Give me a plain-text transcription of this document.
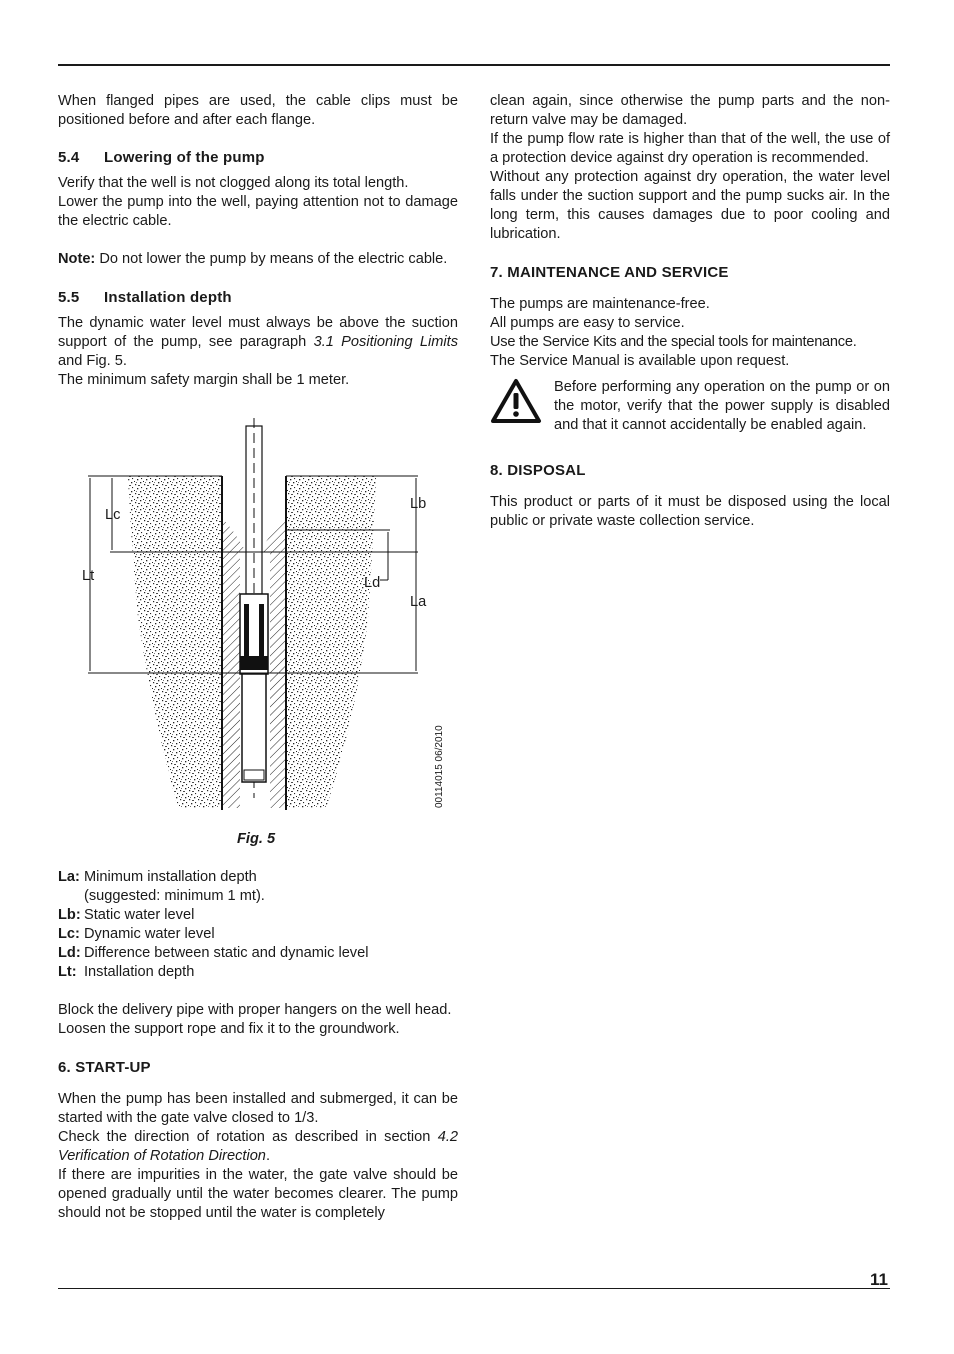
When flanged pipes are used, the cable clips must be positioned before and after each flange.

5.4 Lowering of the pump

Verify that the well is not clogged along its total length.

Lower the pump into the well, paying attention not to damage the electric cable.

Note: Do not lower the pump by means of the electric cable.

5.5 Installation depth

The dynamic water level must always be above the suction support of the pump, see paragraph 3.1 Positioning Limits and Fig. 5.

The minimum safety margin shall be 1 meter.

Lc
Lt
Lb
Ld
La
00114015 06/2010
Fig. 5
La: Minimum installation depth
(suggested: minimum 1 mt).
Lb: Static water level
Lc: Dynamic water level
Ld: Difference between static and dynamic level
Lt: Installation depth

Block the delivery pipe with proper hangers on the well head.

Loosen the support rope and fix it to the groundwork.

6. START-UP

When the pump has been installed and submerged, it can be started with the gate valve closed to 1/3.

Check the direction of rotation as described in section 4.2 Verification of Rotation Direction.

If there are impurities in the water, the gate valve should be opened gradually until the water becomes clearer. The pump should not be stopped until the water is completely

clean again, since otherwise the pump parts and the non-return valve may be damaged.

If the pump flow rate is higher than that of the well, the use of a protection device against dry operation is recommended.

Without any protection against dry operation, the water level falls under the suction support and the pump sucks air. In the long term, this causes damages due to poor cooling and lubrication.

7. MAINTENANCE AND SERVICE

The pumps are maintenance-free.

All pumps are easy to service.

Use the Service Kits and the special tools for maintenance.

The Service Manual is available upon request.

Before performing any operation on the pump or on the motor, verify that the power supply is disabled and that it cannot accidentally be enabled again.

8. DISPOSAL

This product or parts of it must be disposed using the local public or private waste collection service.

11
